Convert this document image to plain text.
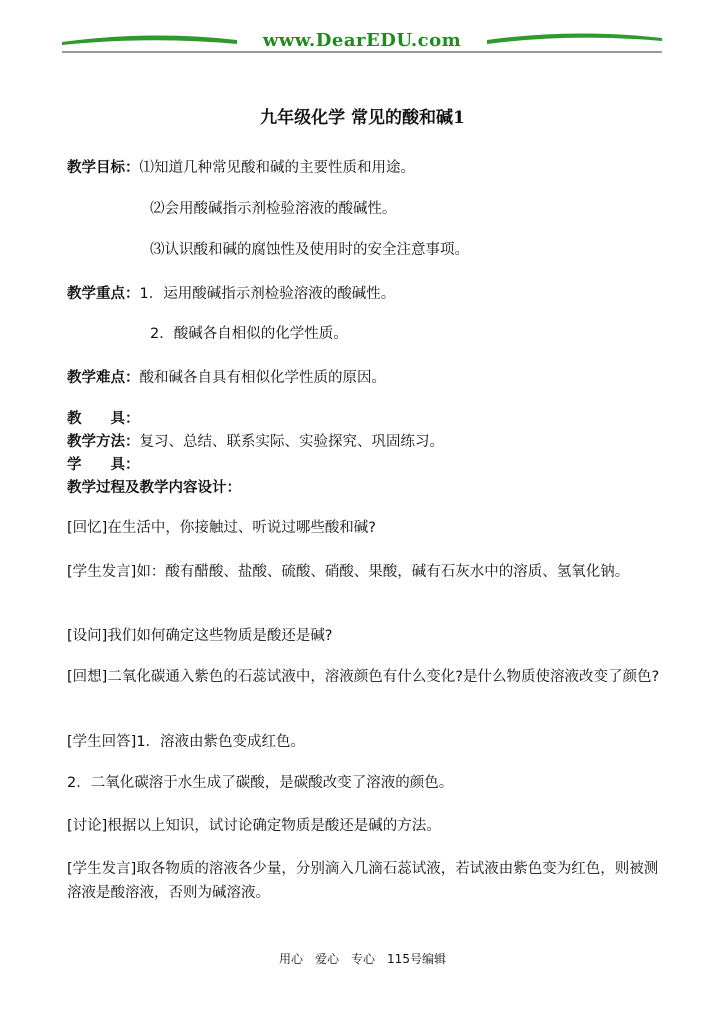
www.DearEDU.com
九年级化学 常见的酸和碱1
教学目标：⑴知道几种常见酸和碱的主要性质和用途。
⑵会用酸碱指示剂检验溶液的酸碱性。
⑶认识酸和碱的腐蚀性及使用时的安全注意事项。
教学重点：1．运用酸碱指示剂检验溶液的酸碱性。
2．酸碱各自相似的化学性质。
教学难点：酸和碱各自具有相似化学性质的原因。
教　　具：
教学方法：复习、总结、联系实际、实验探究、巩固练习。
学　　具：
教学过程及教学内容设计：
[回忆]在生活中，你接触过、听说过哪些酸和碱?
[学生发言]如：酸有醋酸、盐酸、硫酸、硝酸、果酸，碱有石灰水中的溶质、氢氧化钠。
[设问]我们如何确定这些物质是酸还是碱?
[回想]二氧化碳通入紫色的石蕊试液中，溶液颜色有什么变化?是什么物质使溶液改变了颜色?
[学生回答]1．溶液由紫色变成红色。
2．二氧化碳溶于水生成了碳酸，是碳酸改变了溶液的颜色。
[讨论]根据以上知识，试讨论确定物质是酸还是碱的方法。
[学生发言]取各物质的溶液各少量，分别滴入几滴石蕊试液，若试液由紫色变为红色，则被测溶液是酸溶液，否则为碱溶液。
用心　爱心　专心　115号编辑
